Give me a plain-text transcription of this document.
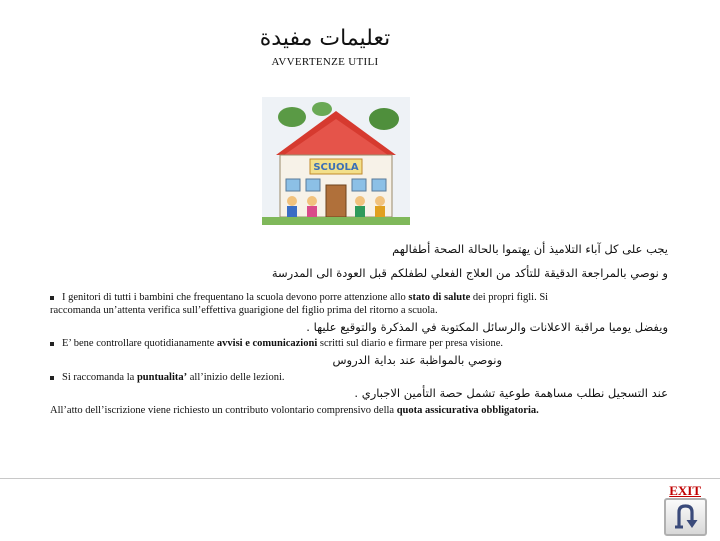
تعليمات مفيدة
AVVERTENZE UTILI
SCUOLA
يجب على كل آباء التلاميذ أن يهتموا بالحالة الصحة أطفالهم
و نوصي بالمراجعة الدقيقة للتأكد من العلاج الفعلي لطفلكم قبل العودة الى المدرسة
I genitori di tutti i bambini che frequentano la scuola devono porre attenzione allo stato di salute dei propri figli. Si
raccomanda un’attenta verifica sull’effettiva guarigione del figlio prima del ritorno a scuola.
ويفضل يوميا مراقبة الاعلانات والرسائل المكتوبة في المذكرة والتوقيع عليها .
E’ bene controllare quotidianamente avvisi e comunicazioni scritti sul diario e firmare per presa visione.
ونوصي بالمواظبة عند بداية الدروس
Si raccomanda la puntualita’ all’inizio delle lezioni.
عند التسجيل نطلب مساهمة طوعية تشمل حصة التأمين الاجباري .
All’atto dell’iscrizione viene richiesto un contributo volontario comprensivo della quota assicurativa obbligatoria.
EXIT
